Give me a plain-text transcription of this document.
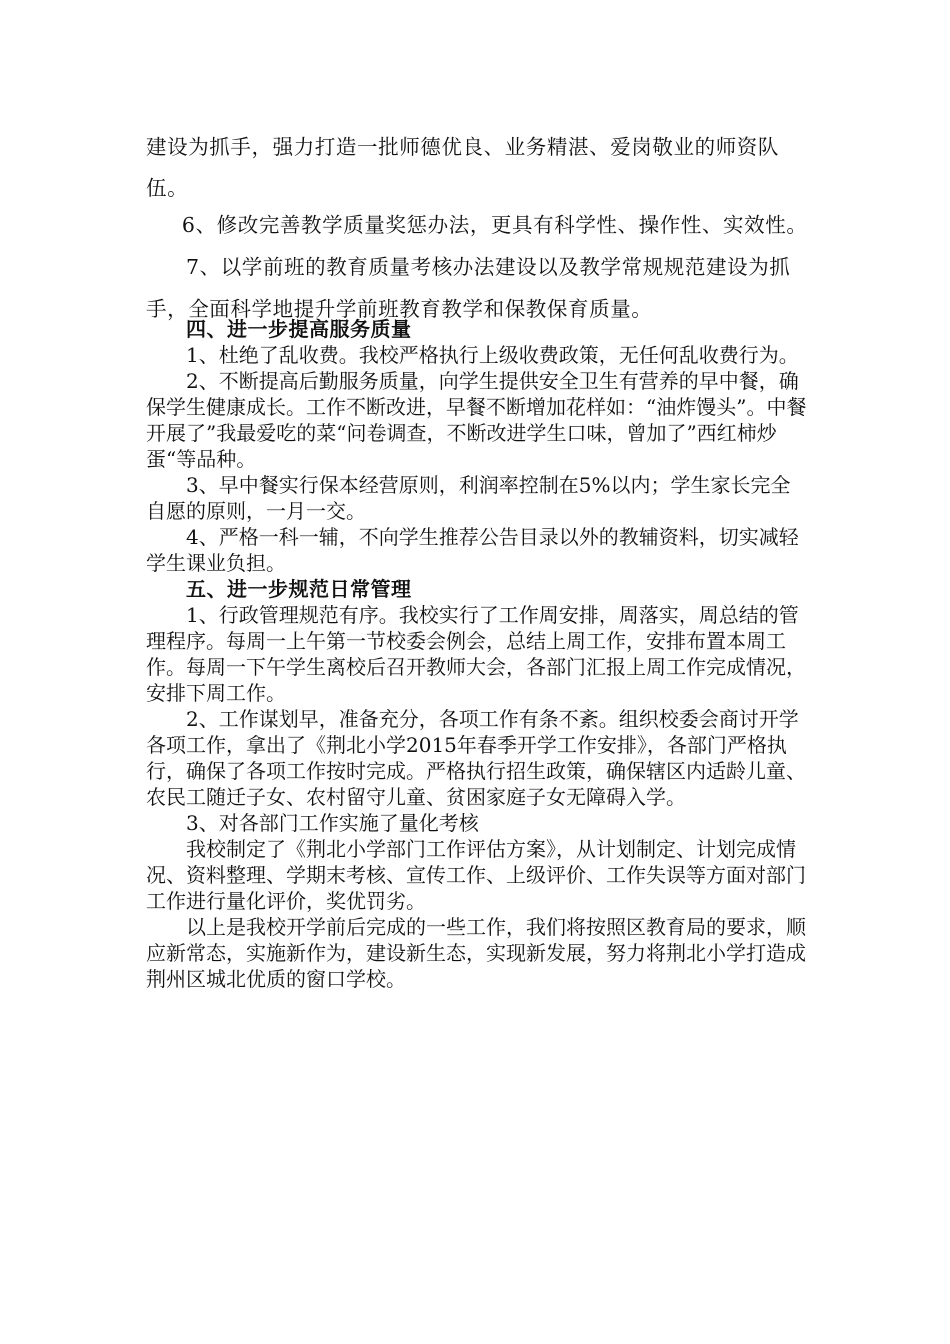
建设为抓手，强力打造一批师德优良、业务精湛、爱岗敬业的师资队伍。

6、修改完善教学质量奖惩办法，更具有科学性、操作性、实效性。

7、以学前班的教育质量考核办法建设以及教学常规规范建设为抓手，全面科学地提升学前班教育教学和保教保育质量。

四、进一步提高服务质量

1、杜绝了乱收费。我校严格执行上级收费政策，无任何乱收费行为。

2、不断提高后勤服务质量，向学生提供安全卫生有营养的早中餐，确保学生健康成长。工作不断改进，早餐不断增加花样如：“油炸馒头”。中餐开展了”我最爱吃的菜“问卷调查，不断改进学生口味，曾加了”西红柿炒蛋“等品种。

3、早中餐实行保本经营原则，利润率控制在5%以内；学生家长完全自愿的原则，一月一交。

4、严格一科一辅，不向学生推荐公告目录以外的教辅资料，切实减轻学生课业负担。

五、进一步规范日常管理

1、行政管理规范有序。我校实行了工作周安排，周落实，周总结的管理程序。每周一上午第一节校委会例会，总结上周工作，安排布置本周工作。每周一下午学生离校后召开教师大会，各部门汇报上周工作完成情况，安排下周工作。

2、工作谋划早，准备充分，各项工作有条不紊。组织校委会商讨开学各项工作，拿出了《荆北小学2015年春季开学工作安排》，各部门严格执行，确保了各项工作按时完成。严格执行招生政策，确保辖区内适龄儿童、农民工随迁子女、农村留守儿童、贫困家庭子女无障碍入学。

3、对各部门工作实施了量化考核

我校制定了《荆北小学部门工作评估方案》，从计划制定、计划完成情况、资料整理、学期末考核、宣传工作、上级评价、工作失误等方面对部门工作进行量化评价，奖优罚劣。

以上是我校开学前后完成的一些工作，我们将按照区教育局的要求，顺应新常态，实施新作为，建设新生态，实现新发展，努力将荆北小学打造成荆州区城北优质的窗口学校。
